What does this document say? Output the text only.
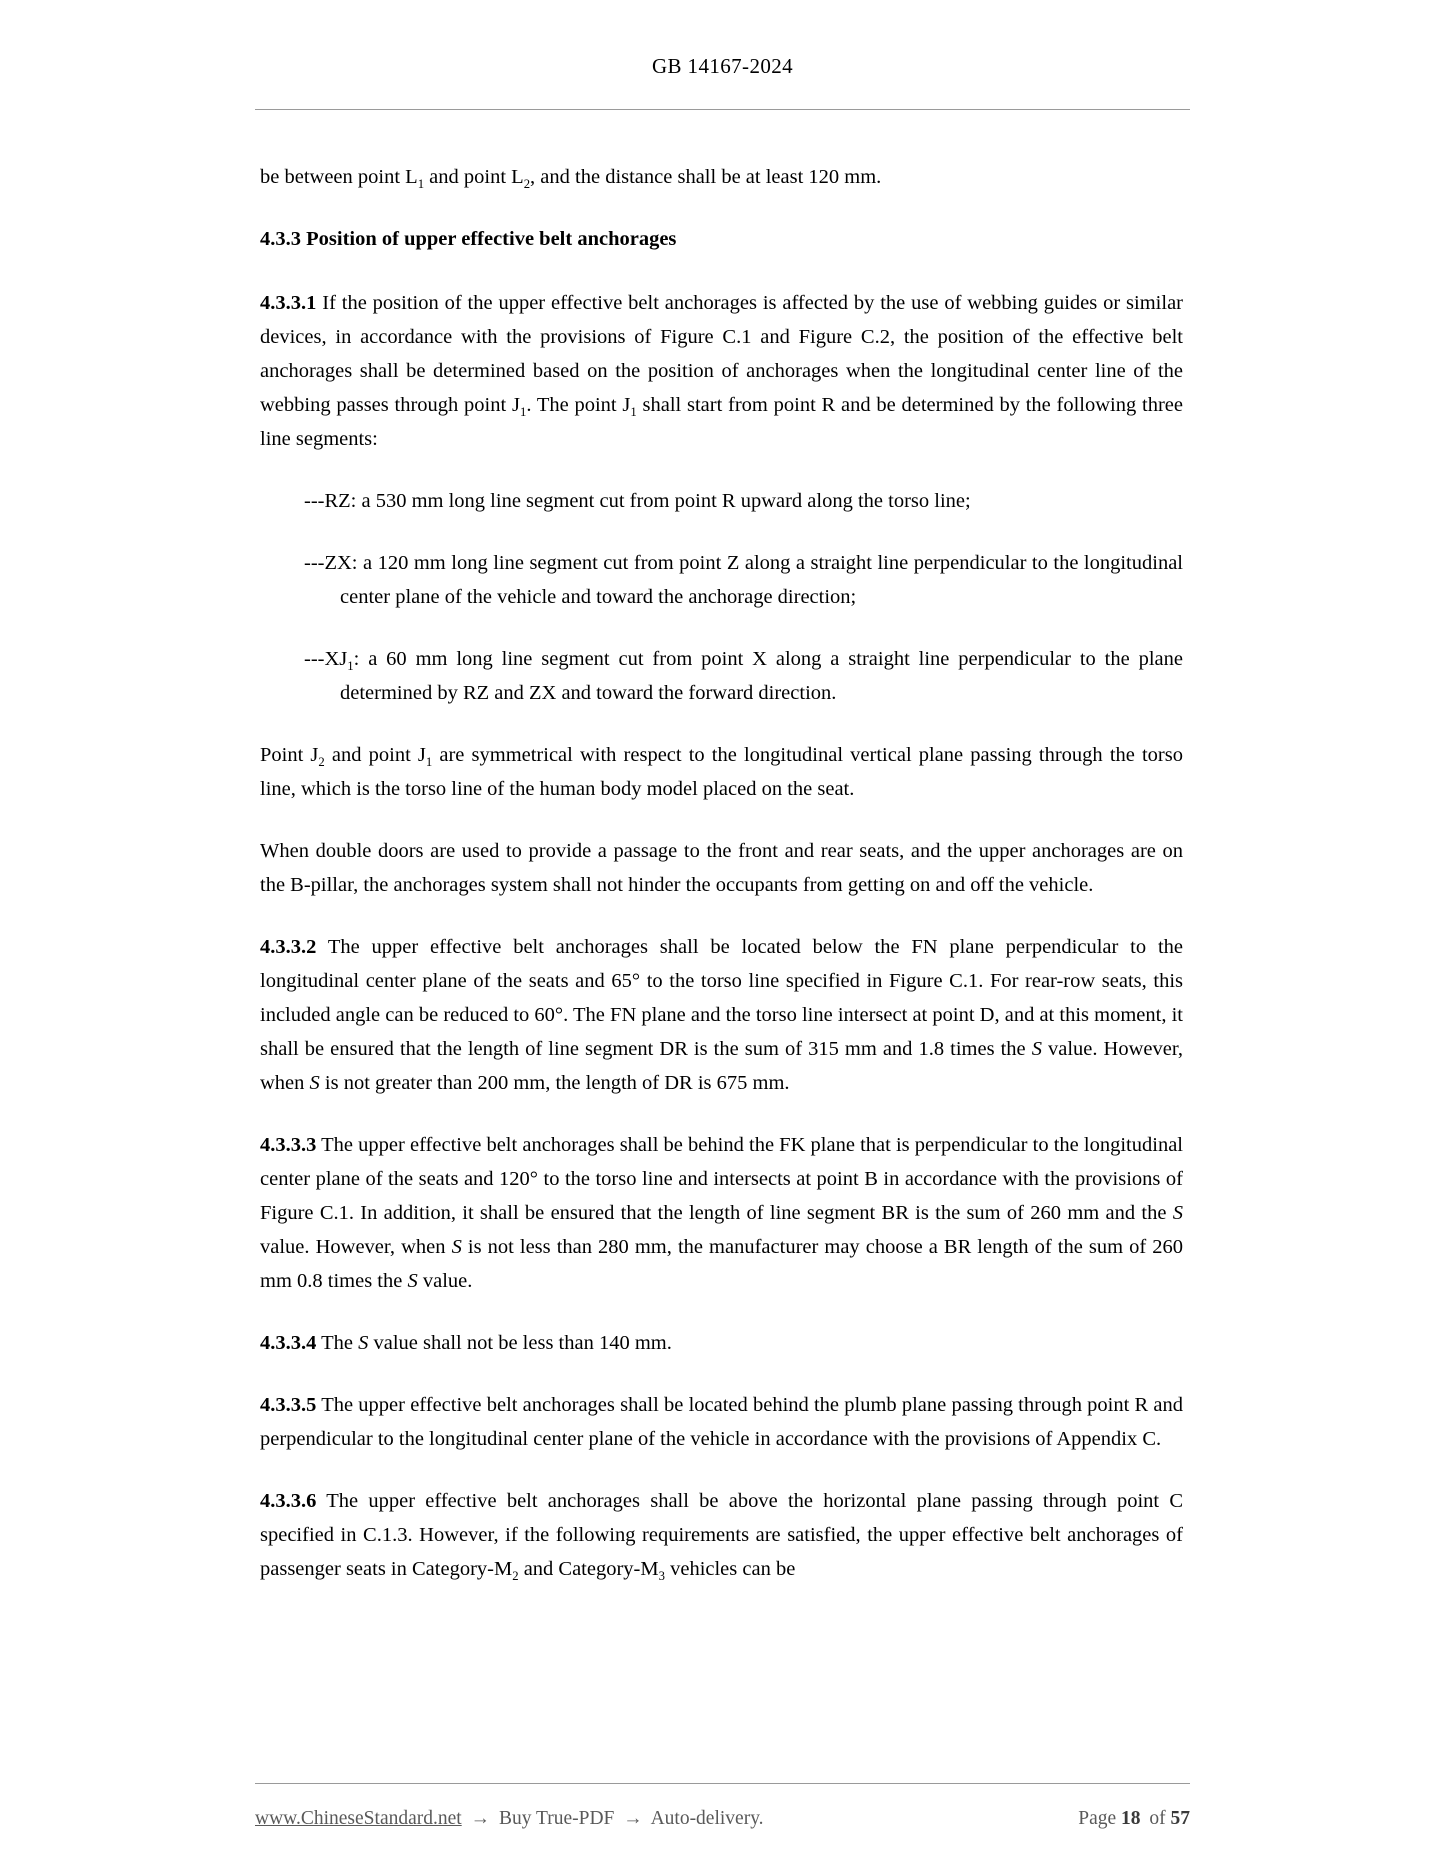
GB 14167-2024

be between point $L_1$ and point $L_2$, and the distance shall be at least 120 mm.

4.3.3 Position of upper effective belt anchorages

4.3.3.1 If the position of the upper effective belt anchorages is affected by the use of webbing guides or similar devices, in accordance with the provisions of Figure C.1 and Figure C.2, the position of the effective belt anchorages shall be determined based on the position of anchorages when the longitudinal center line of the webbing passes through point $J_1$. The point $J_1$ shall start from point R and be determined by the following three line segments:

---RZ: a 530 mm long line segment cut from point R upward along the torso line;

---ZX: a 120 mm long line segment cut from point Z along a straight line perpendicular to the longitudinal center plane of the vehicle and toward the anchorage direction;

$---XJ_1$: a 60 mm long line segment cut from point X along a straight line perpendicular to the plane determined by RZ and ZX and toward the forward direction.

Point $J_2$ and point $J_1$ are symmetrical with respect to the longitudinal vertical plane passing through the torso line, which is the torso line of the human body model placed on the seat.

When double doors are used to provide a passage to the front and rear seats, and the upper anchorages are on the B-pillar, the anchorages system shall not hinder the occupants from getting on and off the vehicle.

4.3.3.2 The upper effective belt anchorages shall be located below the FN plane perpendicular to the longitudinal center plane of the seats and 65° to the torso line specified in Figure C.1. For rear-row seats, this included angle can be reduced to 60°. The FN plane and the torso line intersect at point D, and at this moment, it shall be ensured that the length of line segment DR is the sum of 315 mm and 1.8 times the S value. However, when S is not greater than 200 mm, the length of DR is 675 mm.

4.3.3.3 The upper effective belt anchorages shall be behind the FK plane that is perpendicular to the longitudinal center plane of the seats and 120° to the torso line and intersects at point B in accordance with the provisions of Figure C.1. In addition, it shall be ensured that the length of line segment BR is the sum of 260 mm and the S value. However, when S is not less than 280 mm, the manufacturer may choose a BR length of the sum of 260 mm 0.8 times the S value.

4.3.3.4 The S value shall not be less than 140 mm.

4.3.3.5 The upper effective belt anchorages shall be located behind the plumb plane passing through point R and perpendicular to the longitudinal center plane of the vehicle in accordance with the provisions of Appendix C.

4.3.3.6 The upper effective belt anchorages shall be above the horizontal plane passing through point C specified in C.1.3. However, if the following requirements are satisfied, the upper effective belt anchorages of passenger seats in Category-$M_2$ and Category-$M_3$ vehicles can be

www.ChineseStandard.net → Buy True-PDF → Auto-delivery.	Page 18 of 57
